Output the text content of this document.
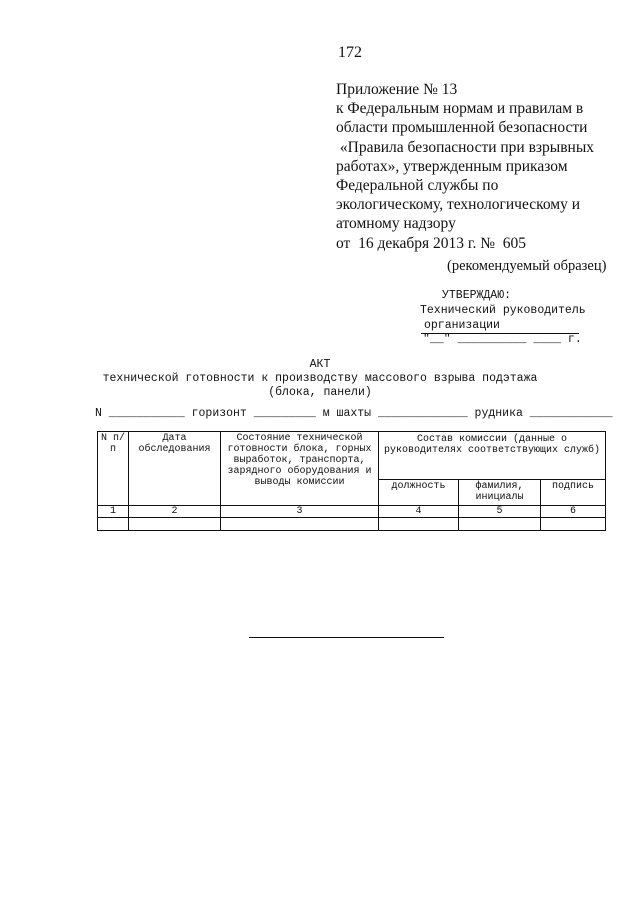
172
Приложение № 13
к Федеральным нормам и правилам в
области промышленной безопасности
«Правила безопасности при взрывных
работах», утвержденным приказом
Федеральной службы по
экологическому, технологическому и
атомному надзору
от  16 декабря 2013 г. №  605
(рекомендуемый образец)
УТВЕРЖДАЮ:
Технический руководитель
организации
"__" __________ ____ г.
АКТ
технической готовности к производству массового взрыва подэтажа
(блока, панели)
N ___________ горизонт _________ м шахты _____________ рудника ____________
N п/п	Дата обследования	Состояние технической готовности блока, горных выработок, транспорта, зарядного оборудования и выводы комиссии	Состав комиссии (данные о руководителях соответствующих служб)		
			должность	фамилия, инициалы	подпись
1	2	3	4	5	6
